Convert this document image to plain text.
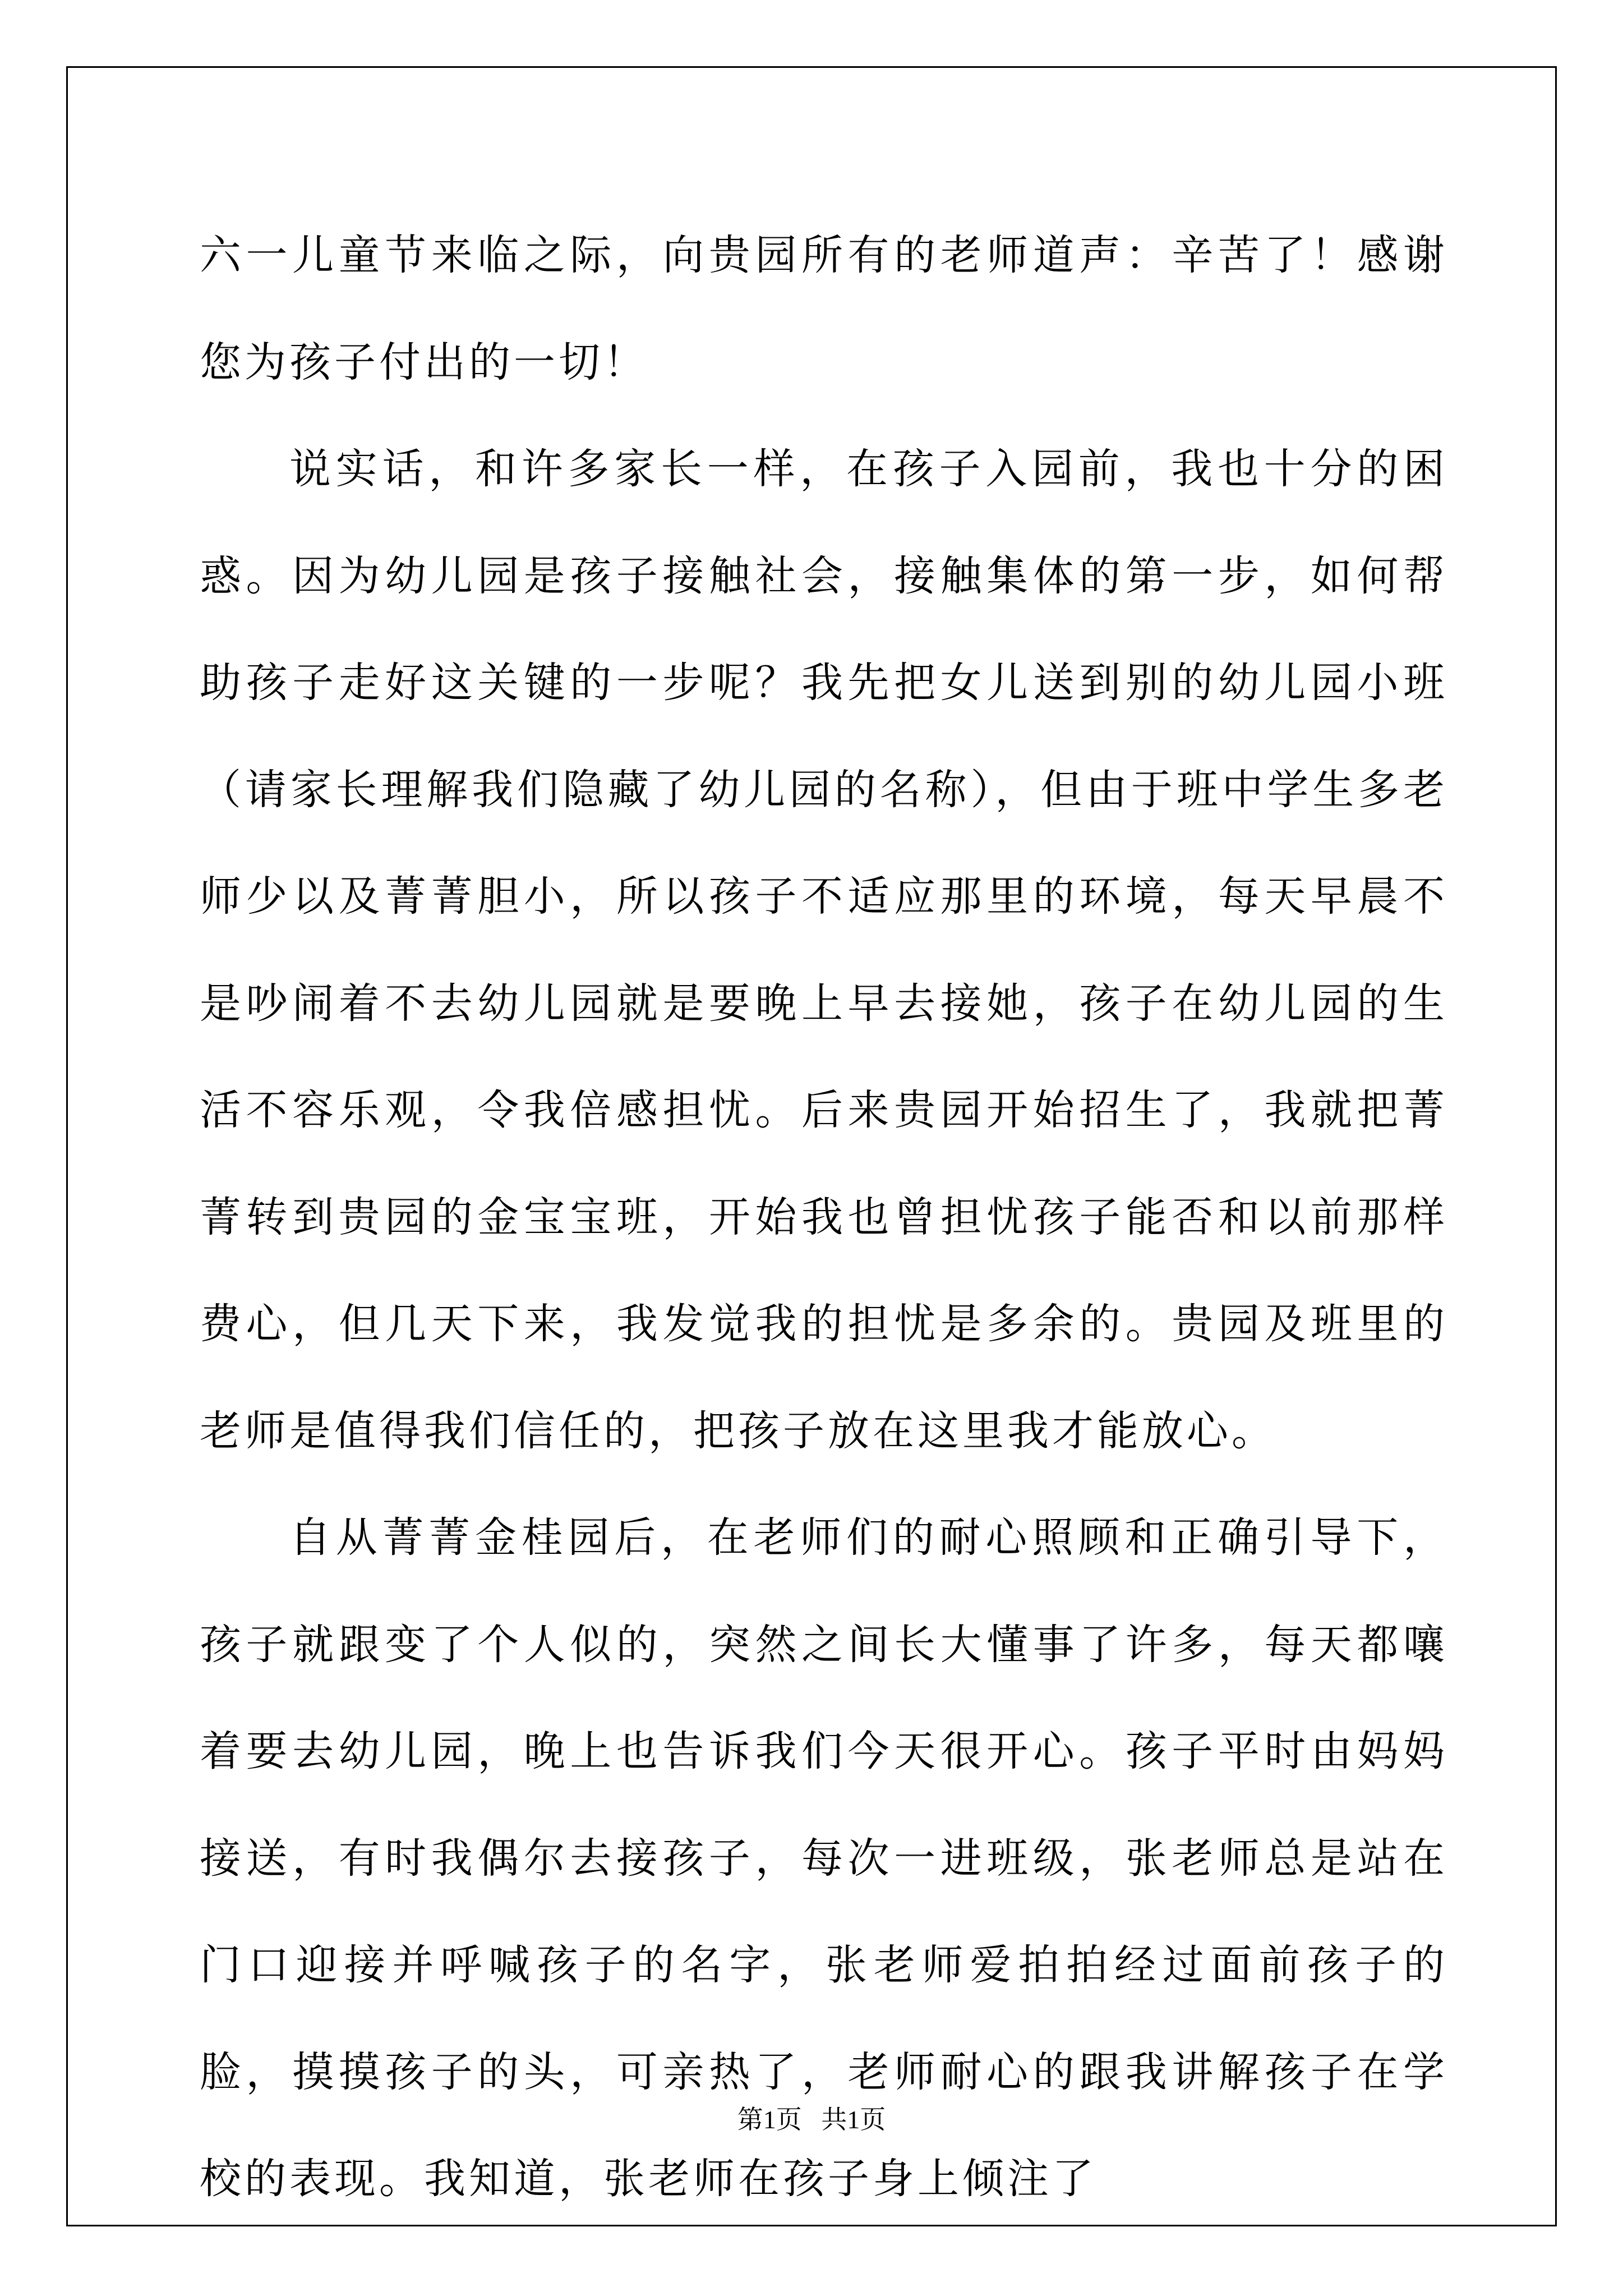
六一儿童节来临之际，向贵园所有的老师道声：辛苦了！感谢您为孩子付出的一切！

说实话，和许多家长一样，在孩子入园前，我也十分的困惑。因为幼儿园是孩子接触社会，接触集体的第一步，如何帮助孩子走好这关键的一步呢？我先把女儿送到别的幼儿园小班（请家长理解我们隐藏了幼儿园的名称），但由于班中学生多老师少以及菁菁胆小，所以孩子不适应那里的环境，每天早晨不是吵闹着不去幼儿园就是要晚上早去接她，孩子在幼儿园的生活不容乐观，令我倍感担忧。后来贵园开始招生了，我就把菁菁转到贵园的金宝宝班，开始我也曾担忧孩子能否和以前那样费心，但几天下来，我发觉我的担忧是多余的。贵园及班里的老师是值得我们信任的，把孩子放在这里我才能放心。

自从菁菁金桂园后，在老师们的耐心照顾和正确引导下，孩子就跟变了个人似的，突然之间长大懂事了许多，每天都嚷着要去幼儿园，晚上也告诉我们今天很开心。孩子平时由妈妈接送，有时我偶尔去接孩子，每次一进班级，张老师总是站在门口迎接并呼喊孩子的名字，张老师爱拍拍经过面前孩子的脸，摸摸孩子的头，可亲热了，老师耐心的跟我讲解孩子在学校的表现。我知道，张老师在孩子身上倾注了

第1页   共1页
